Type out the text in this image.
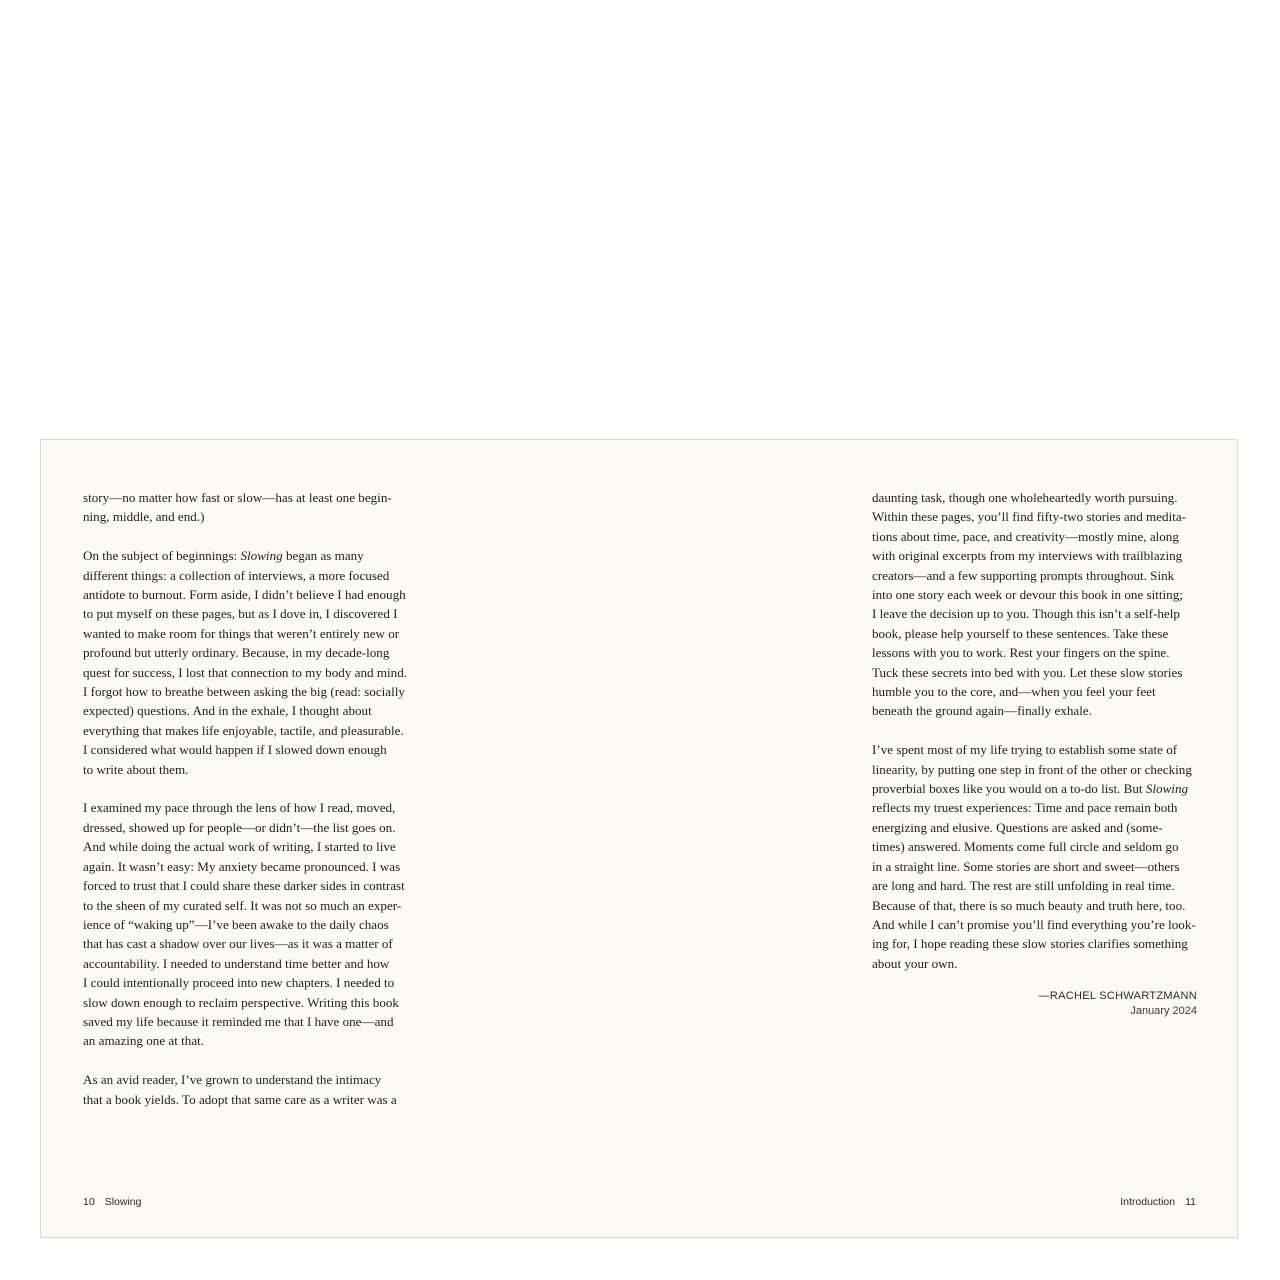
story—no matter how fast or slow—has at least one begin-
ning, middle, and end.)

On the subject of beginnings: Slowing began as many
different things: a collection of interviews, a more focused
antidote to burnout. Form aside, I didn’t believe I had enough
to put myself on these pages, but as I dove in, I discovered I
wanted to make room for things that weren’t entirely new or
profound but utterly ordinary. Because, in my decade-long
quest for success, I lost that connection to my body and mind.
I forgot how to breathe between asking the big (read: socially
expected) questions. And in the exhale, I thought about
everything that makes life enjoyable, tactile, and pleasurable.
I considered what would happen if I slowed down enough
to write about them.

I examined my pace through the lens of how I read, moved,
dressed, showed up for people—or didn’t—the list goes on.
And while doing the actual work of writing, I started to live
again. It wasn’t easy: My anxiety became pronounced. I was
forced to trust that I could share these darker sides in contrast
to the sheen of my curated self. It was not so much an exper-
ience of “waking up”—I’ve been awake to the daily chaos
that has cast a shadow over our lives—as it was a matter of
accountability. I needed to understand time better and how
I could intentionally proceed into new chapters. I needed to
slow down enough to reclaim perspective. Writing this book
saved my life because it reminded me that I have one—and
an amazing one at that.

As an avid reader, I’ve grown to understand the intimacy
that a book yields. To adopt that same care as a writer was a

daunting task, though one wholeheartedly worth pursuing.
Within these pages, you’ll find fifty-two stories and medita-
tions about time, pace, and creativity—mostly mine, along
with original excerpts from my interviews with trailblazing
creators—and a few supporting prompts throughout. Sink
into one story each week or devour this book in one sitting;
I leave the decision up to you. Though this isn’t a self-help
book, please help yourself to these sentences. Take these
lessons with you to work. Rest your fingers on the spine.
Tuck these secrets into bed with you. Let these slow stories
humble you to the core, and—when you feel your feet
beneath the ground again—finally exhale.

I’ve spent most of my life trying to establish some state of
linearity, by putting one step in front of the other or checking
proverbial boxes like you would on a to-do list. But Slowing
reflects my truest experiences: Time and pace remain both
energizing and elusive. Questions are asked and (some-
times) answered. Moments come full circle and seldom go
in a straight line. Some stories are short and sweet—others
are long and hard. The rest are still unfolding in real time.
Because of that, there is so much beauty and truth here, too.
And while I can’t promise you’ll find everything you’re look-
ing for, I hope reading these slow stories clarifies something
about your own.

—RACHEL SCHWARTZMANN
January 2024
10 Slowing	Introduction 11
